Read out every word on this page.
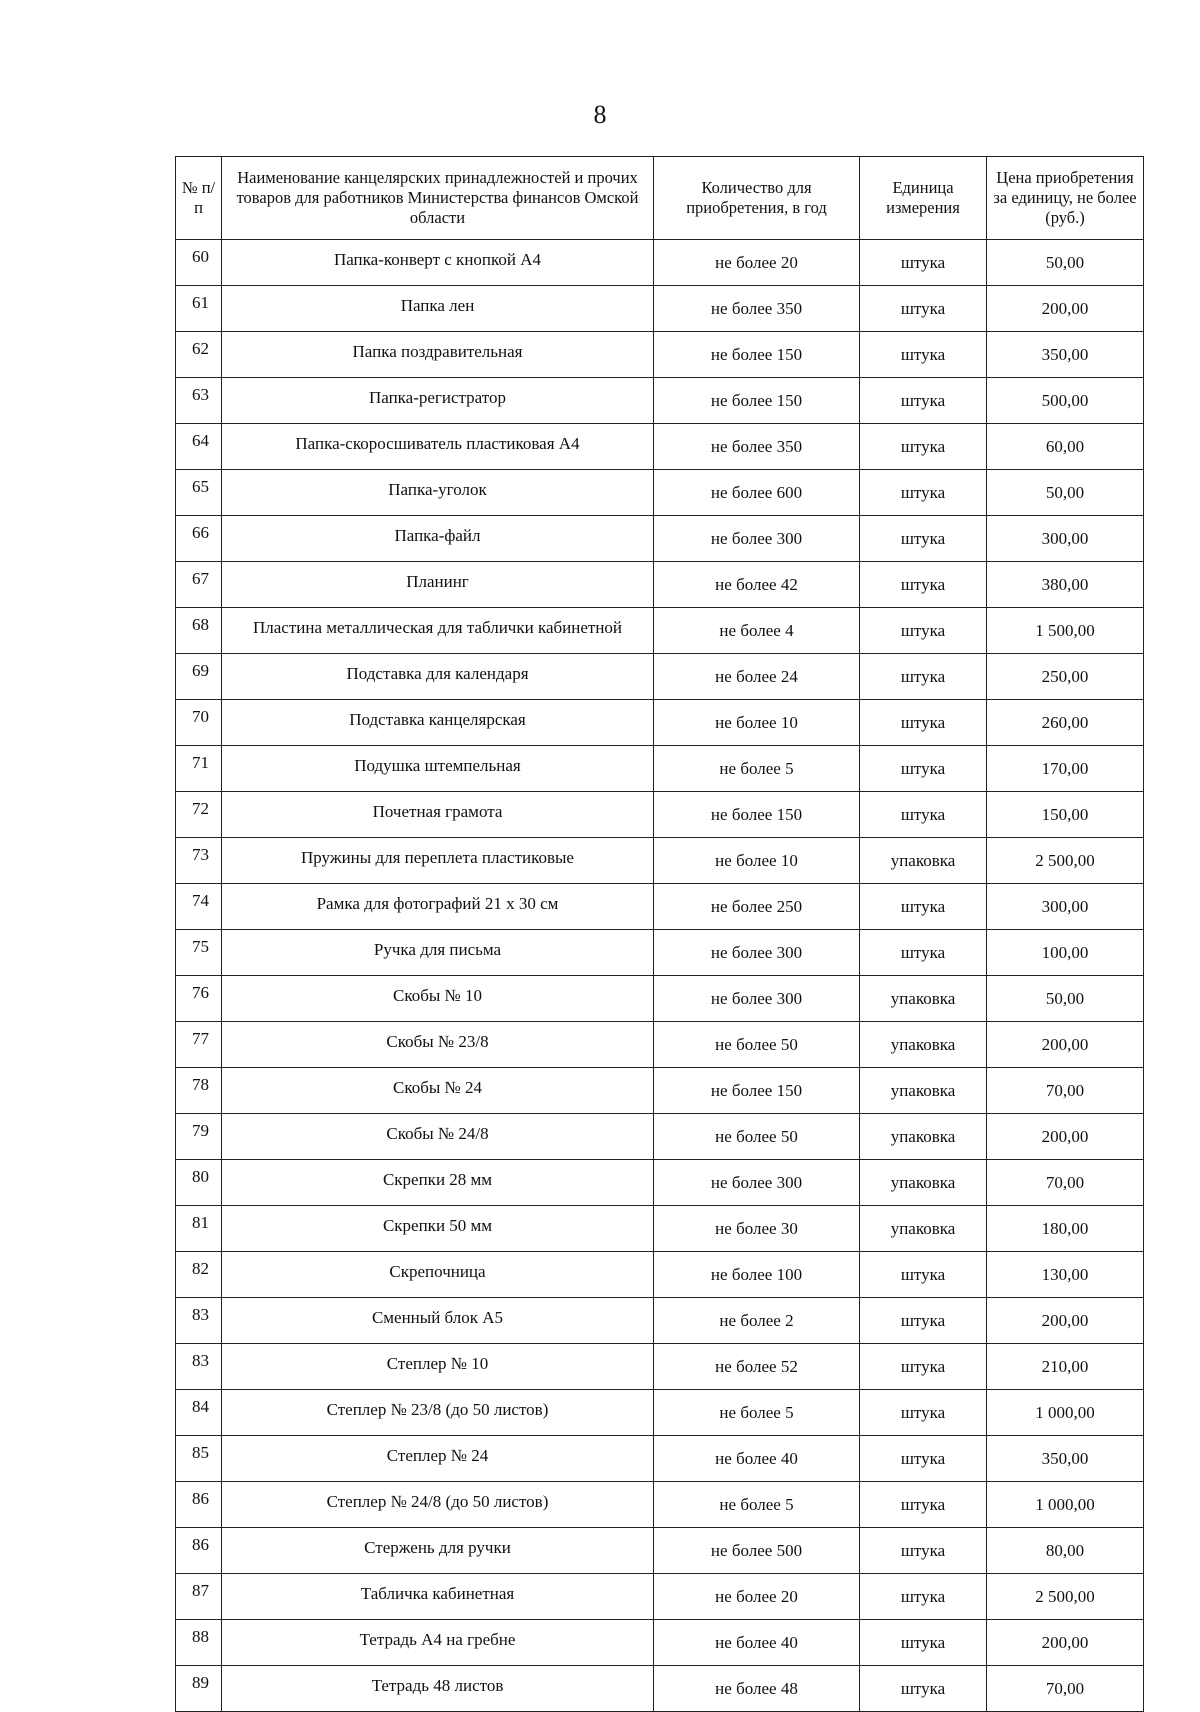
8
№ п/п	Наименование канцелярских принадлежностей и прочих товаров для работников Министерства финансов Омской области	Количество для приобретения, в год	Единица измерения	Цена приобретения за единицу, не более (руб.)
60	Папка-конверт с кнопкой А4	не более 20	штука	50,00
61	Папка лен	не более 350	штука	200,00
62	Папка поздравительная	не более 150	штука	350,00
63	Папка-регистратор	не более 150	штука	500,00
64	Папка-скоросшиватель пластиковая А4	не более 350	штука	60,00
65	Папка-уголок	не более 600	штука	50,00
66	Папка-файл	не более 300	штука	300,00
67	Планинг	не более 42	штука	380,00
68	Пластина металлическая для таблички кабинетной	не более 4	штука	1 500,00
69	Подставка для календаря	не более 24	штука	250,00
70	Подставка канцелярская	не более 10	штука	260,00
71	Подушка штемпельная	не более 5	штука	170,00
72	Почетная грамота	не более 150	штука	150,00
73	Пружины для переплета пластиковые	не более 10	упаковка	2 500,00
74	Рамка для фотографий 21 х 30 см	не более 250	штука	300,00
75	Ручка для письма	не более 300	штука	100,00
76	Скобы № 10	не более 300	упаковка	50,00
77	Скобы № 23/8	не более 50	упаковка	200,00
78	Скобы № 24	не более 150	упаковка	70,00
79	Скобы № 24/8	не более 50	упаковка	200,00
80	Скрепки 28 мм	не более 300	упаковка	70,00
81	Скрепки 50 мм	не более 30	упаковка	180,00
82	Скрепочница	не более 100	штука	130,00
83	Сменный блок А5	не более 2	штука	200,00
83	Степлер № 10	не более 52	штука	210,00
84	Степлер № 23/8 (до 50 листов)	не более 5	штука	1 000,00
85	Степлер № 24	не более 40	штука	350,00
86	Степлер № 24/8 (до 50 листов)	не более 5	штука	1 000,00
86	Стержень для ручки	не более 500	штука	80,00
87	Табличка кабинетная	не более 20	штука	2 500,00
88	Тетрадь А4 на гребне	не более 40	штука	200,00
89	Тетрадь 48 листов	не более 48	штука	70,00
